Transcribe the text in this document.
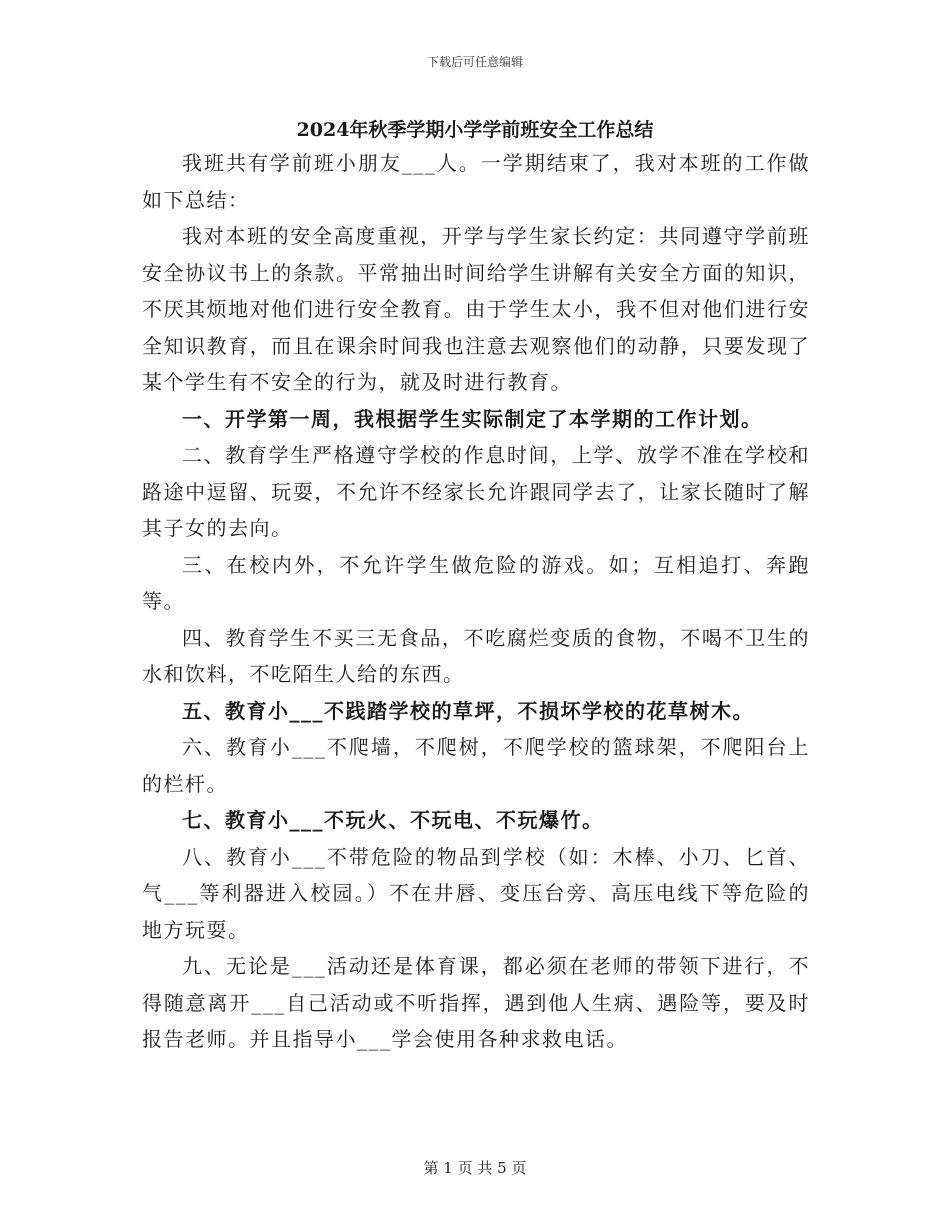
下载后可任意编辑
2024年秋季学期小学学前班安全工作总结

我班共有学前班小朋友___人。一学期结束了，我对本班的工作做如下总结：

我对本班的安全高度重视，开学与学生家长约定：共同遵守学前班安全协议书上的条款。平常抽出时间给学生讲解有关安全方面的知识，不厌其烦地对他们进行安全教育。由于学生太小，我不但对他们进行安全知识教育，而且在课余时间我也注意去观察他们的动静，只要发现了某个学生有不安全的行为，就及时进行教育。

一、开学第一周，我根据学生实际制定了本学期的工作计划。

二、教育学生严格遵守学校的作息时间，上学、放学不准在学校和路途中逗留、玩耍，不允许不经家长允许跟同学去了，让家长随时了解其子女的去向。

三、在校内外，不允许学生做危险的游戏。如；互相追打、奔跑等。

四、教育学生不买三无食品，不吃腐烂变质的食物，不喝不卫生的水和饮料，不吃陌生人给的东西。

五、教育小___不践踏学校的草坪，不损坏学校的花草树木。

六、教育小___不爬墙，不爬树，不爬学校的篮球架，不爬阳台上的栏杆。

七、教育小___不玩火、不玩电、不玩爆竹。

八、教育小___不带危险的物品到学校（如：木棒、小刀、匕首、气___等利器进入校园。）不在井唇、变压台旁、高压电线下等危险的地方玩耍。

九、无论是___活动还是体育课，都必须在老师的带领下进行，不得随意离开___自己活动或不听指挥，遇到他人生病、遇险等，要及时报告老师。并且指导小___学会使用各种求救电话。

第 1 页 共 5 页
